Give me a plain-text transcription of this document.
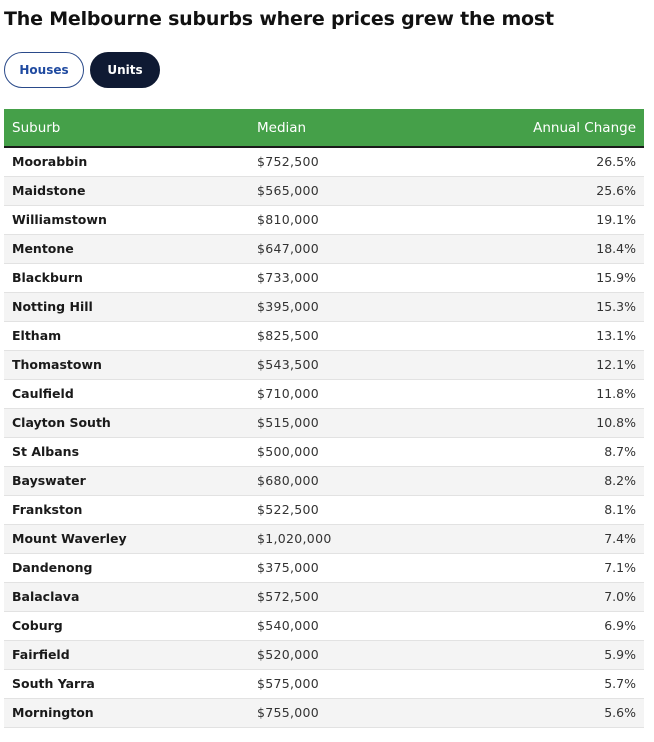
The Melbourne suburbs where prices grew the most
Houses	Units
Suburb	Median	Annual Change
Moorabbin	$752,500	26.5%
Maidstone	$565,000	25.6%
Williamstown	$810,000	19.1%
Mentone	$647,000	18.4%
Blackburn	$733,000	15.9%
Notting Hill	$395,000	15.3%
Eltham	$825,500	13.1%
Thomastown	$543,500	12.1%
Caulfield	$710,000	11.8%
Clayton South	$515,000	10.8%
St Albans	$500,000	8.7%
Bayswater	$680,000	8.2%
Frankston	$522,500	8.1%
Mount Waverley	$1,020,000	7.4%
Dandenong	$375,000	7.1%
Balaclava	$572,500	7.0%
Coburg	$540,000	6.9%
Fairfield	$520,000	5.9%
South Yarra	$575,000	5.7%
Mornington	$755,000	5.6%
